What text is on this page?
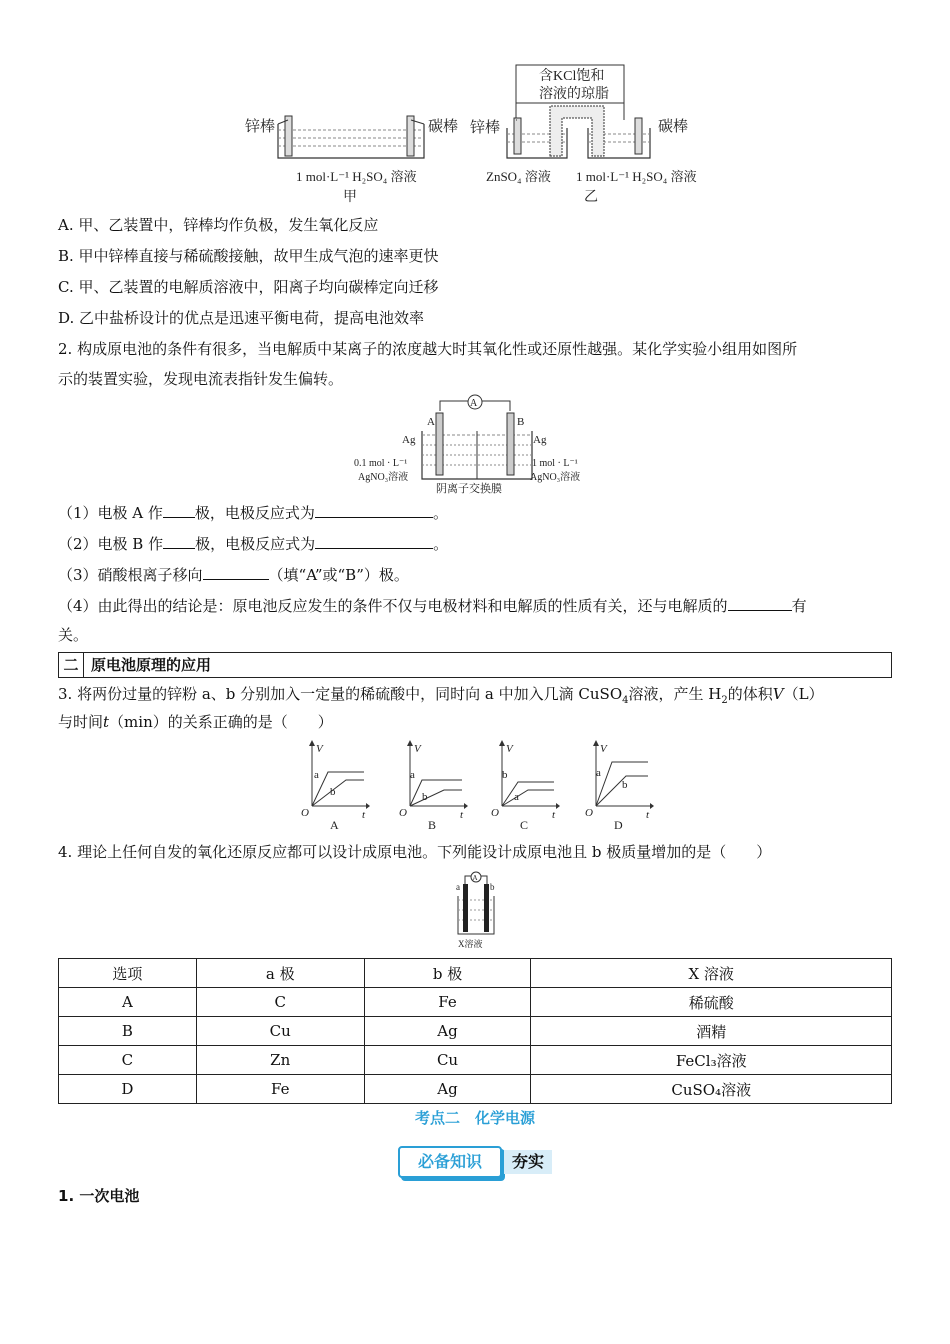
锌棒	碳棒
1 mol·L⁻¹ H₂SO₄ 溶液
甲
含KCl饱和
溶液的琼脂
锌棒	碳棒
ZnSO₄ 溶液 1 mol·L⁻¹ H₂SO₄ 溶液
乙
A. 甲、乙装置中，锌棒均作负极，发生氧化反应
B. 甲中锌棒直接与稀硫酸接触，故甲生成气泡的速率更快
C. 甲、乙装置的电解质溶液中，阳离子均向碳棒定向迁移
D. 乙中盐桥设计的优点是迅速平衡电荷，提高电池效率
2. 构成原电池的条件有很多，当电解质中某离子的浓度越大时其氧化性或还原性越强。某化学实验小组用如图所
示的装置实验，发现电流表指针发生偏转。
A
A	B
Ag	Ag
0.1 mol · L⁻¹
AgNO₃溶液
1 mol · L⁻¹
AgNO₃溶液
阴离子交换膜
（1）电极 A 作 极，电极反应式为	。
（2）电极 B 作 极，电极反应式为	。
（3）硝酸根离子移向	（填“A”或“B”）极。
（4）由此得出的结论是：原电池反应发生的条件不仅与电极材料和电解质的性质有关，还与电解质的	有
关。
二 原电池原理的应用
3. 将两份过量的锌粉 a、b 分别加入一定量的稀硫酸中，同时向 a 中加入几滴 CuSO$_4$溶液，产生 $H_2$的体积V（L）
与时间t（min）的关系正确的是（　　）
V
t
O
a
b
A
V
t
O
a
b
B
V
t
O
b
a
C
V
t
O
a
b
D
4. 理论上任何自发的氧化还原反应都可以设计成原电池。下列能设计成原电池且 b 极质量增加的是（　　）
A
a	b
X溶液
选项	a 极	b 极	X 溶液
A	C	Fe	稀硫酸
B	Cu	Ag	酒精
C	Zn	Cu	FeCl₃溶液
D	Fe	Ag	CuSO₄溶液
考点二　化学电源
必备知识	夯实
1. 一次电池
